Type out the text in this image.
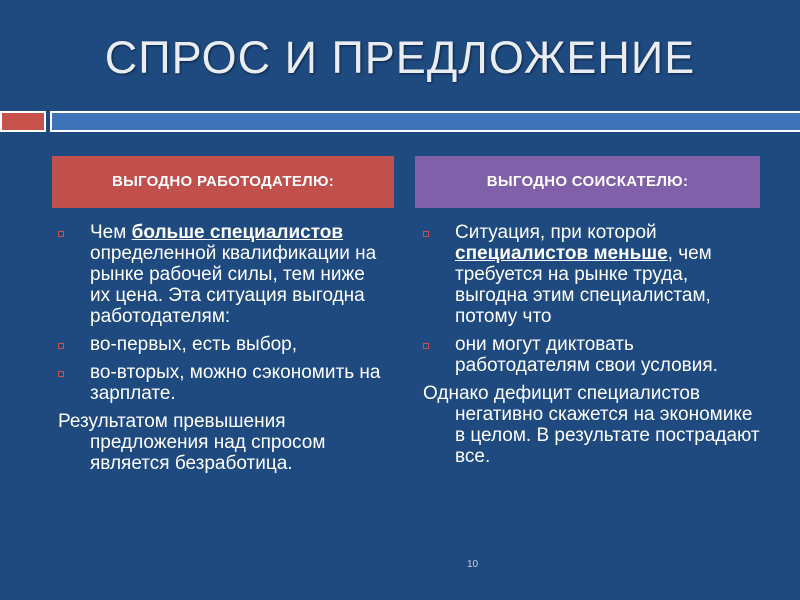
СПРОС И ПРЕДЛОЖЕНИЕ
ВЫГОДНО РАБОТОДАТЕЛЮ:	ВЫГОДНО СОИСКАТЕЛЮ:
Чем больше специалистов определенной квалификации на рынке рабочей силы, тем ниже их цена. Эта ситуация выгодна работодателям:
во-первых, есть выбор,
во-вторых, можно сэкономить на зарплате.
Результатом превышения предложения над спросом является безработица.
Ситуация, при которой специалистов меньше, чем требуется на рынке труда, выгодна этим специалистам, потому что
они могут диктовать работодателям свои условия.
Однако дефицит специалистов негативно скажется на экономике в целом. В результате пострадают все.
10
